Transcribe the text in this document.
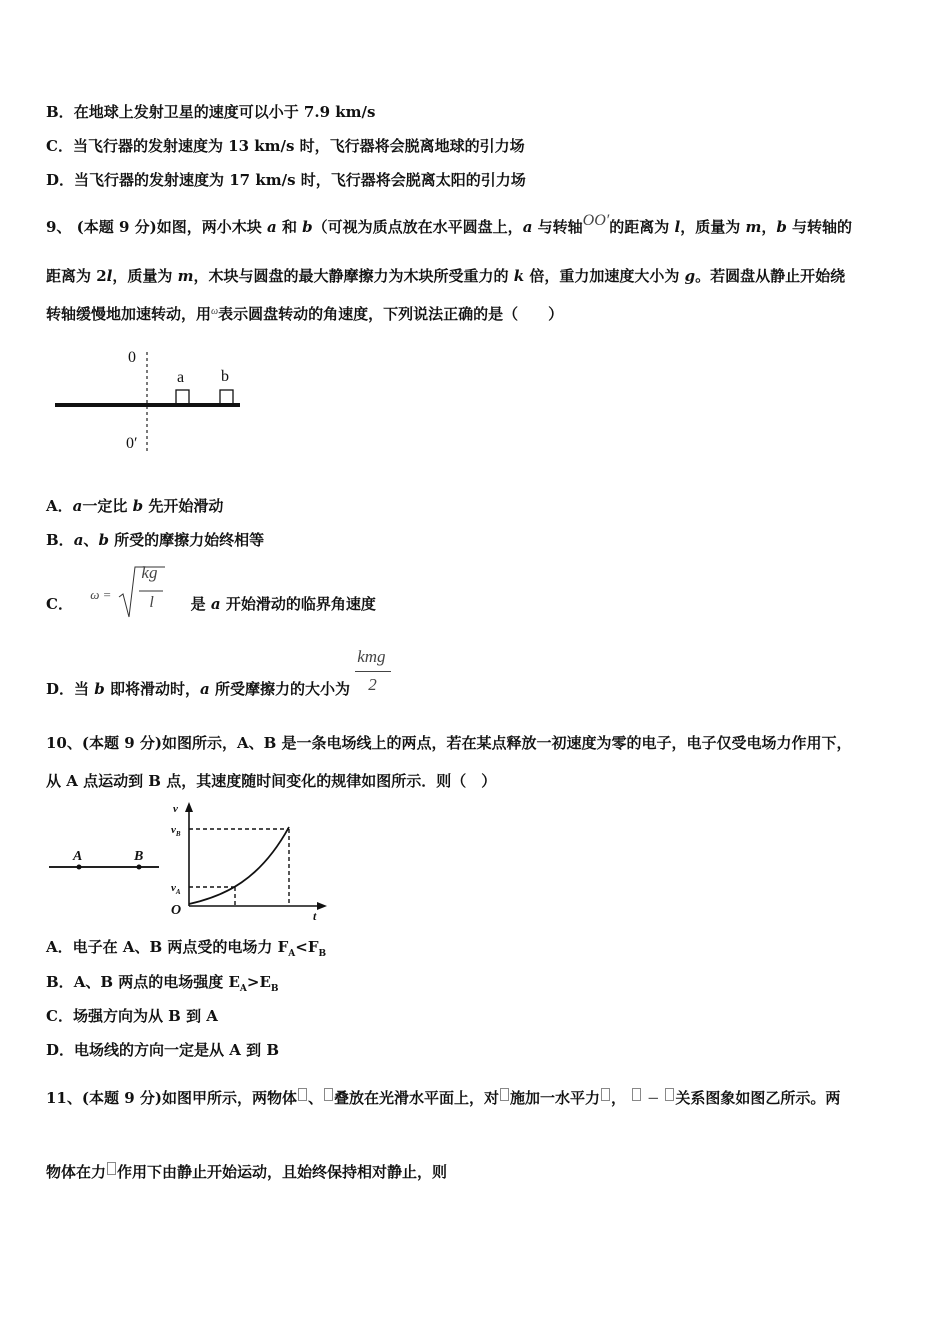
B．在地球上发射卫星的速度可以小于 7.9 km/s
C．当飞行器的发射速度为 13 km/s 时，飞行器将会脱离地球的引力场
D．当飞行器的发射速度为 17 km/s 时，飞行器将会脱离太阳的引力场
9、 (本题 9 分)如图，两小木块 a 和 b（可视为质点放在水平圆盘上，a 与转轴OO′的距离为 l，质量为 m，b 与转轴的
距离为 2l，质量为 m，木块与圆盘的最大静摩擦力为木块所受重力的 k 倍，重力加速度大小为 g。若圆盘从静止开始绕
转轴缓慢地加速转动，用$^\omega$表示圆盘转动的角速度，下列说法正确的是（　　）
0
0′
a b
A．a一定比 b 先开始滑动
B．a、b 所受的摩擦力始终相等
C． ω =
kg
l 是 a 开始滑动的临界角速度
D．当 b 即将滑动时，a 所受摩擦力的大小为
kmg
2
10、(本题 9 分)如图所示，A、B 是一条电场线上的两点，若在某点释放一初速度为零的电子，电子仅受电场力作用下，
从 A 点运动到 B 点，其速度随时间变化的规律如图所示．则（　）
A	B
v
$v_B$
$v_A$
O	t
A．电子在 A、B 两点受的电场力 $F_A<F_B$
B．A、B 两点的电场强度 $E_A>E_B$
C．场强方向为从 B 到 A
D．电场线的方向一定是从 A 到 B
11、(本题 9 分)如图甲所示，两物体 、 叠放在光滑水平面上，对 施加一水平力 ，  − 关系图象如图乙所示。两
物体在力 作用下由静止开始运动，且始终保持相对静止，则
